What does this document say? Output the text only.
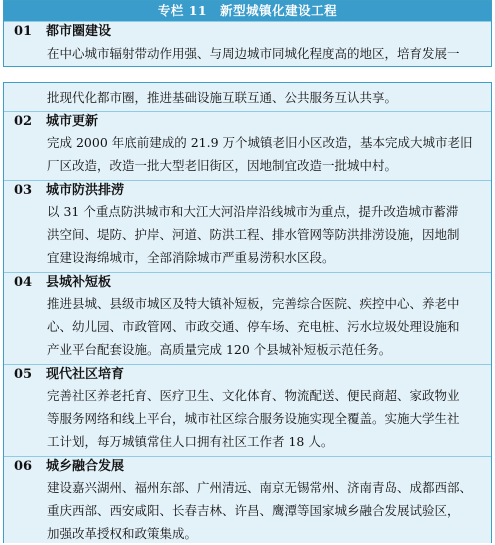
专栏 11　新型城镇化建设工程
01 都市圈建设
在中心城市辐射带动作用强、与周边城市同城化程度高的地区，培育发展一
批现代化都市圈，推进基础设施互联互通、公共服务互认共享。
02 城市更新
完成 2000 年底前建成的 21.9 万个城镇老旧小区改造，基本完成大城市老旧
厂区改造，改造一批大型老旧街区，因地制宜改造一批城中村。
03 城市防洪排涝
以 31 个重点防洪城市和大江大河沿岸沿线城市为重点，提升改造城市蓄滞
洪空间、堤防、护岸、河道、防洪工程、排水管网等防洪排涝设施，因地制
宜建设海绵城市，全部消除城市严重易涝积水区段。
04 县城补短板
推进县城、县级市城区及特大镇补短板，完善综合医院、疾控中心、养老中
心、幼儿园、市政管网、市政交通、停车场、充电桩、污水垃圾处理设施和
产业平台配套设施。高质量完成 120 个县城补短板示范任务。
05 现代社区培育
完善社区养老托育、医疗卫生、文化体育、物流配送、便民商超、家政物业
等服务网络和线上平台，城市社区综合服务设施实现全覆盖。实施大学生社
工计划，每万城镇常住人口拥有社区工作者 18 人。
06 城乡融合发展
建设嘉兴湖州、福州东部、广州清远、南京无锡常州、济南青岛、成都西部、
重庆西部、西安咸阳、长春吉林、许昌、鹰潭等国家城乡融合发展试验区，
加强改革授权和政策集成。
